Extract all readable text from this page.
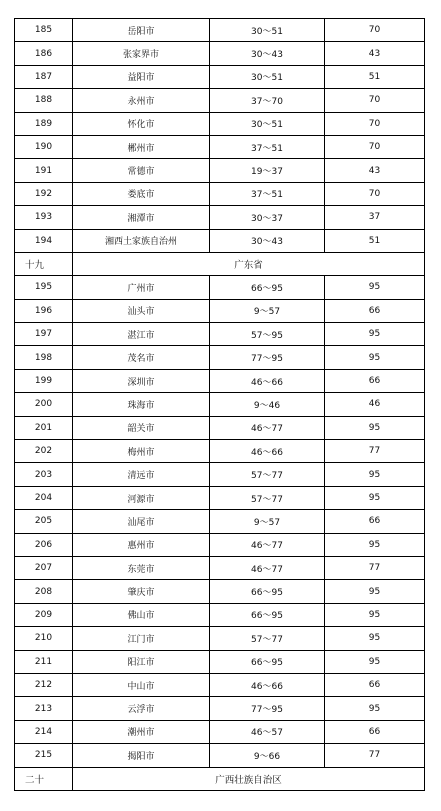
185	岳阳市	30～51	70
186	张家界市	30～43	43
187	益阳市	30～51	51
188	永州市	37～70	70
189	怀化市	30～51	70
190	郴州市	37～51	70
191	常德市	19～37	43
192	娄底市	37～51	70
193	湘潭市	30～37	37
194	湘西土家族自治州	30～43	51
十九	广东省		
195	广州市	66～95	95
196	汕头市	9～57	66
197	湛江市	57～95	95
198	茂名市	77～95	95
199	深圳市	46～66	66
200	珠海市	9～46	46
201	韶关市	46～77	95
202	梅州市	46～66	77
203	清远市	57～77	95
204	河源市	57～77	95
205	汕尾市	9～57	66
206	惠州市	46～77	95
207	东莞市	46～77	77
208	肇庆市	66～95	95
209	佛山市	66～95	95
210	江门市	57～77	95
211	阳江市	66～95	95
212	中山市	46～66	66
213	云浮市	77～95	95
214	潮州市	46～57	66
215	揭阳市	9～66	77
二十	广西壮族自治区		
